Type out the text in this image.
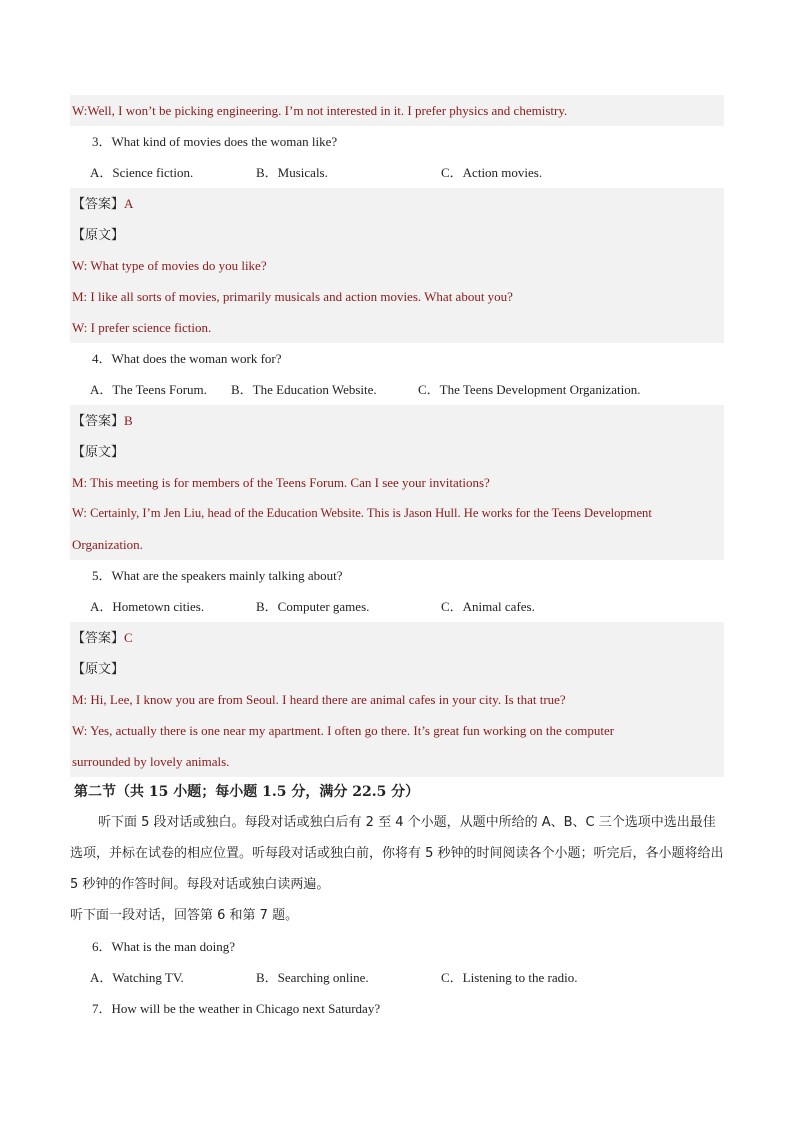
W:Well, I won’t be picking engineering. I’m not interested in it. I prefer physics and chemistry.
3．What kind of movies does the woman like?
A．Science fiction.	B．Musicals.	C．Action movies.
【答案】A
【原文】
W: What type of movies do you like?
M: I like all sorts of movies, primarily musicals and action movies. What about you?
W: I prefer science fiction.
4．What does the woman work for?
A．The Teens Forum. B．The Education Website.	C．The Teens Development Organization.
【答案】B
【原文】
M: This meeting is for members of the Teens Forum. Can I see your invitations?
W: Certainly, I’m Jen Liu, head of the Education Website. This is Jason Hull. He works for the Teens Development
Organization.
5．What are the speakers mainly talking about?
A．Hometown cities.	B．Computer games.	C．Animal cafes.
【答案】C
【原文】
M: Hi, Lee, I know you are from Seoul. I heard there are animal cafes in your city. Is that true?
W: Yes, actually there is one near my apartment. I often go there. It’s great fun working on the computer
surrounded by lovely animals.
第二节（共 15 小题；每小题 1.5 分，满分 22.5 分）
听下面 5 段对话或独白。每段对话或独白后有 2 至 4 个小题，从题中所给的 A、B、C 三个选项中选出最佳选项，并标在试卷的相应位置。听每段对话或独白前，你将有 5 秒钟的时间阅读各个小题；听完后，各小题将给出 5 秒钟的作答时间。每段对话或独白读两遍。
听下面一段对话，回答第 6 和第 7 题。
6．What is the man doing?
A．Watching TV.	B．Searching online.	C．Listening to the radio.
7．How will be the weather in Chicago next Saturday?
